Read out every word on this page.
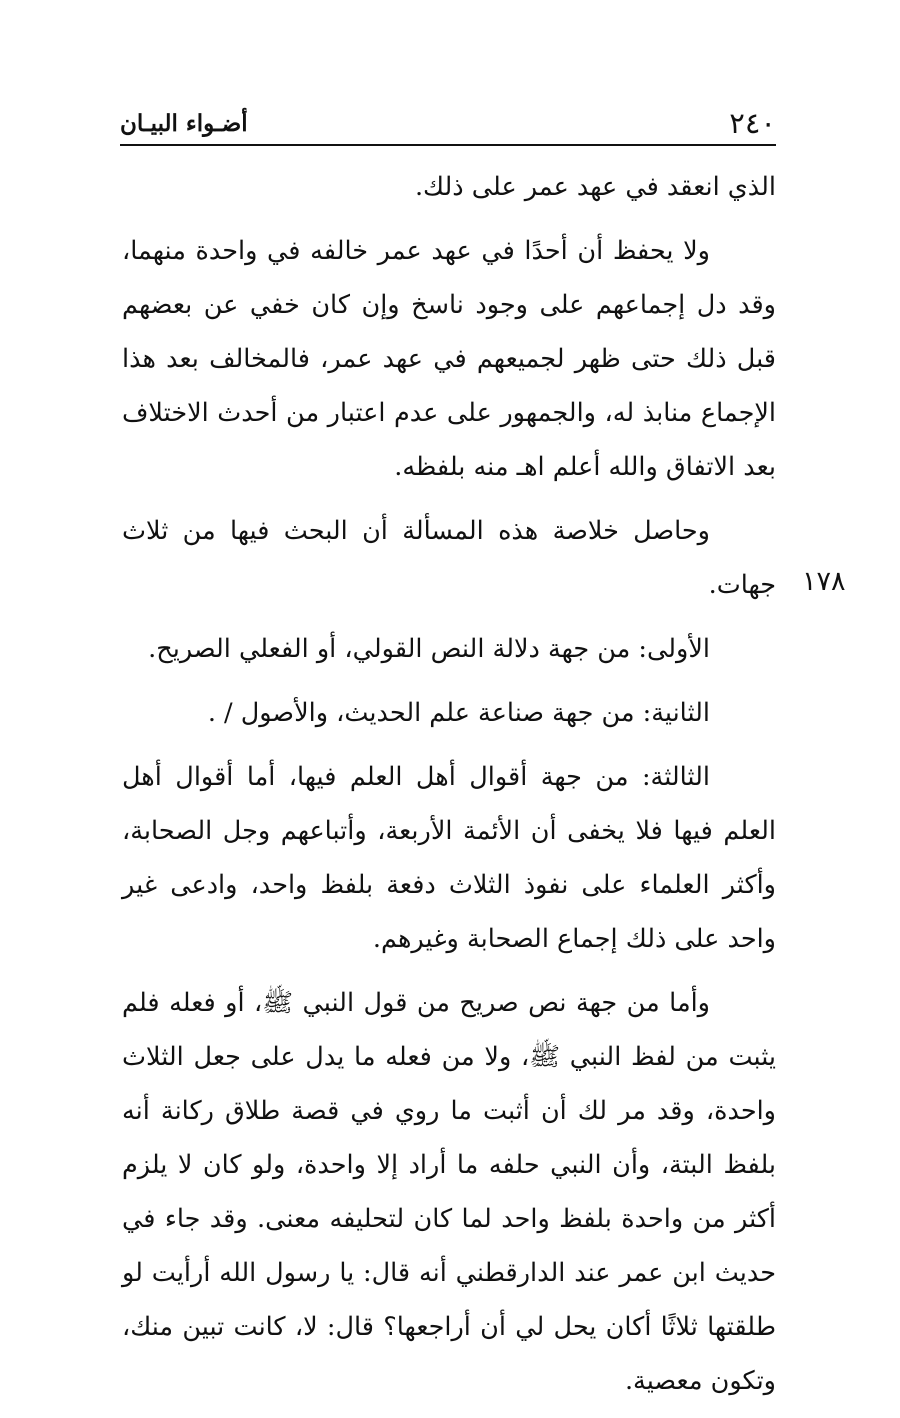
٢٤٠
أضـواء البيـان
١٧٨

الذي انعقد في عهد عمر على ذلك.

ولا يحفظ أن أحدًا في عهد عمر خالفه في واحدة منهما، وقد دل إجماعهم على وجود ناسخ وإن كان خفي عن بعضهم قبل ذلك حتى ظهر لجميعهم في عهد عمر، فالمخالف بعد هذا الإجماع منابذ له، والجمهور على عدم اعتبار من أحدث الاختلاف بعد الاتفاق والله أعلم اهـ منه بلفظه.

وحاصل خلاصة هذه المسألة أن البحث فيها من ثلاث جهات.

الأولى: من جهة دلالة النص القولي، أو الفعلي الصريح.

الثانية: من جهة صناعة علم الحديث، والأصول / .

الثالثة: من جهة أقوال أهل العلم فيها، أما أقوال أهل العلم فيها فلا يخفى أن الأئمة الأربعة، وأتباعهم وجل الصحابة، وأكثر العلماء على نفوذ الثلاث دفعة بلفظ واحد، وادعى غير واحد على ذلك إجماع الصحابة وغيرهم.

وأما من جهة نص صريح من قول النبي ﷺ، أو فعله فلم يثبت من لفظ النبي ﷺ، ولا من فعله ما يدل على جعل الثلاث واحدة، وقد مر لك أن أثبت ما روي في قصة طلاق ركانة أنه بلفظ البتة، وأن النبي حلفه ما أراد إلا واحدة، ولو كان لا يلزم أكثر من واحدة بلفظ واحد لما كان لتحليفه معنى. وقد جاء في حديث ابن عمر عند الدارقطني أنه قال: يا رسول الله أرأيت لو طلقتها ثلاثًا أكان يحل لي أن أراجعها؟ قال: لا، كانت تبين منك، وتكون معصية.
